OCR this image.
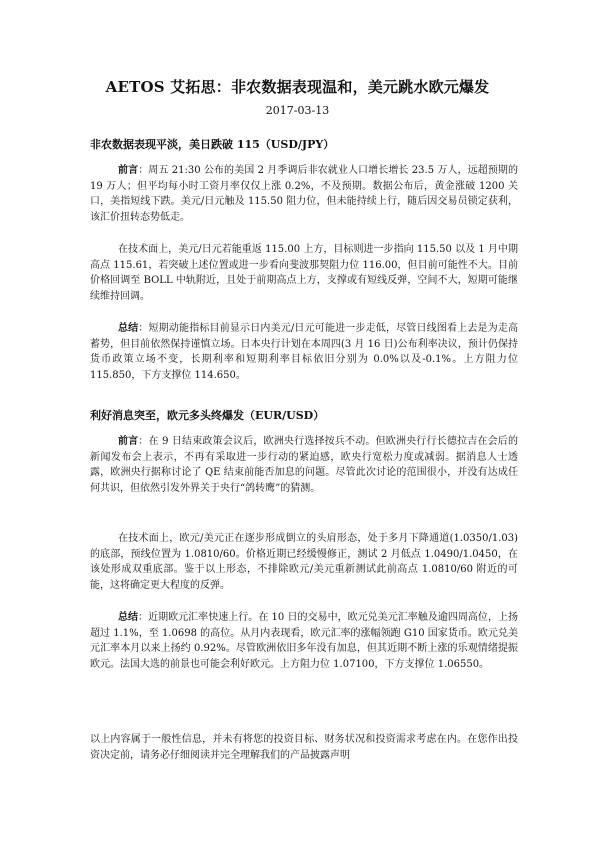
AETOS 艾拓思：非农数据表现温和，美元跳水欧元爆发
2017-03-13
非农数据表现平淡，美日跌破 115（USD/JPY）

前言：周五 21:30 公布的美国 2 月季调后非农就业人口增长增长 23.5 万人，远超预期的 19 万人；但平均每小时工资月率仅仅上涨 0.2%，不及预期。数据公布后，黄金涨破 1200 关口，美指短线下跌。美元/日元触及 115.50 阻力位，但未能持续上行，随后因交易员锁定获利，该汇价扭转态势低走。

在技术面上，美元/日元若能重返 115.00 上方，目标则进一步指向 115.50 以及 1 月中期高点 115.61，若突破上述位置或进一步看向斐波那契阻力位 116.00，但目前可能性不大。目前价格回调至 BOLL 中轨附近，且处于前期高点上方，支撑或有短线反弹，空间不大，短期可能继续维持回调。

总结：短期动能指标目前显示日内美元/日元可能进一步走低，尽管日线图看上去是为走高蓄势，但目前依然保持谨慎立场。日本央行计划在本周四(3 月 16 日)公布利率决议，预计仍保持货币政策立场不变，长期利率和短期利率目标依旧分别为 0.0%以及-0.1%。上方阻力位 115.850，下方支撑位 114.650。

利好消息突至，欧元多头终爆发（EUR/USD）

前言：在 9 日结束政策会议后，欧洲央行选择按兵不动。但欧洲央行行长德拉吉在会后的新闻发布会上表示，不再有采取进一步行动的紧迫感，欧央行宽松力度或减弱。据消息人士透露，欧洲央行据称讨论了 QE 结束前能否加息的问题。尽管此次讨论的范围很小，并没有达成任何共识，但依然引发外界关于央行“鸽转鹰”的猜测。

在技术面上，欧元/美元正在逐步形成倒立的头肩形态，处于多月下降通道(1.0350/1.03)的底部，预线位置为 1.0810/60。价格近期已经缓慢修正，测试 2 月低点 1.0490/1.0450，在该处形成双重底部。鉴于以上形态，不排除欧元/美元重新测试此前高点 1.0810/60 附近的可能，这将确定更大程度的反弹。

总结：近期欧元汇率快速上行。在 10 日的交易中，欧元兑美元汇率触及逾四周高位，上扬超过 1.1%，至 1.0698 的高位。从月内表现看，欧元汇率的涨幅领跑 G10 国家货币。欧元兑美元汇率本月以来上扬约 0.92%。尽管欧洲依旧多年没有加息，但其近期不断上涨的乐观情绪提振欧元。法国大选的前景也可能会利好欧元。上方阻力位 1.07100，下方支撑位 1.06550。

以上内容属于一般性信息，并未有将您的投资目标、财务状况和投资需求考虑在内。在您作出投资决定前，请务必仔细阅读并完全理解我们的产品披露声明
